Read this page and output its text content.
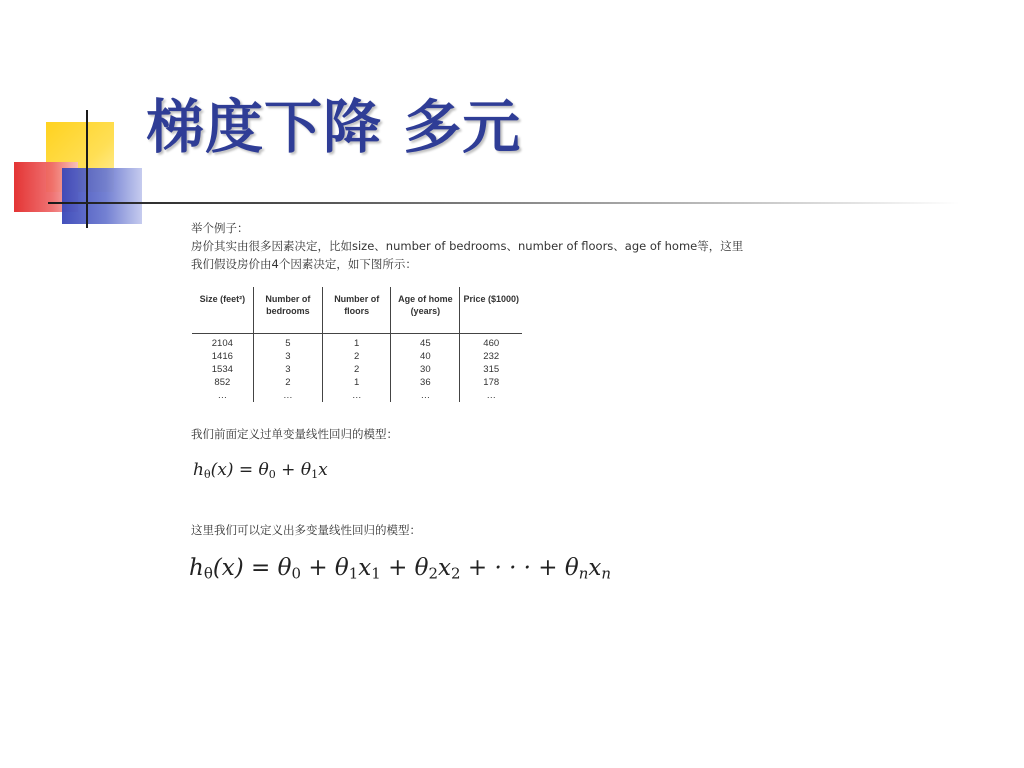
梯度下降 多元
举个例子：
房价其实由很多因素决定，比如size、number of bedrooms、number of floors、age of home等，这里
我们假设房价由4个因素决定，如下图所示：
Size (feet²)	Number of bedrooms	Number of floors	Age of home (years)	Price ($1000)
2104	5	1	45	460
1416	3	2	40	232
1534	3	2	30	315
852	2	1	36	178
…	…	…	…	…
我们前面定义过单变量线性回归的模型：
$h_\theta(x) = \theta_0 + \theta_1x$
这里我们可以定义出多变量线性回归的模型：
$h_\theta(x) = \theta_0 + \theta_1x_1 + \theta_2x_2$ + · · · + $\theta_nx_n$
